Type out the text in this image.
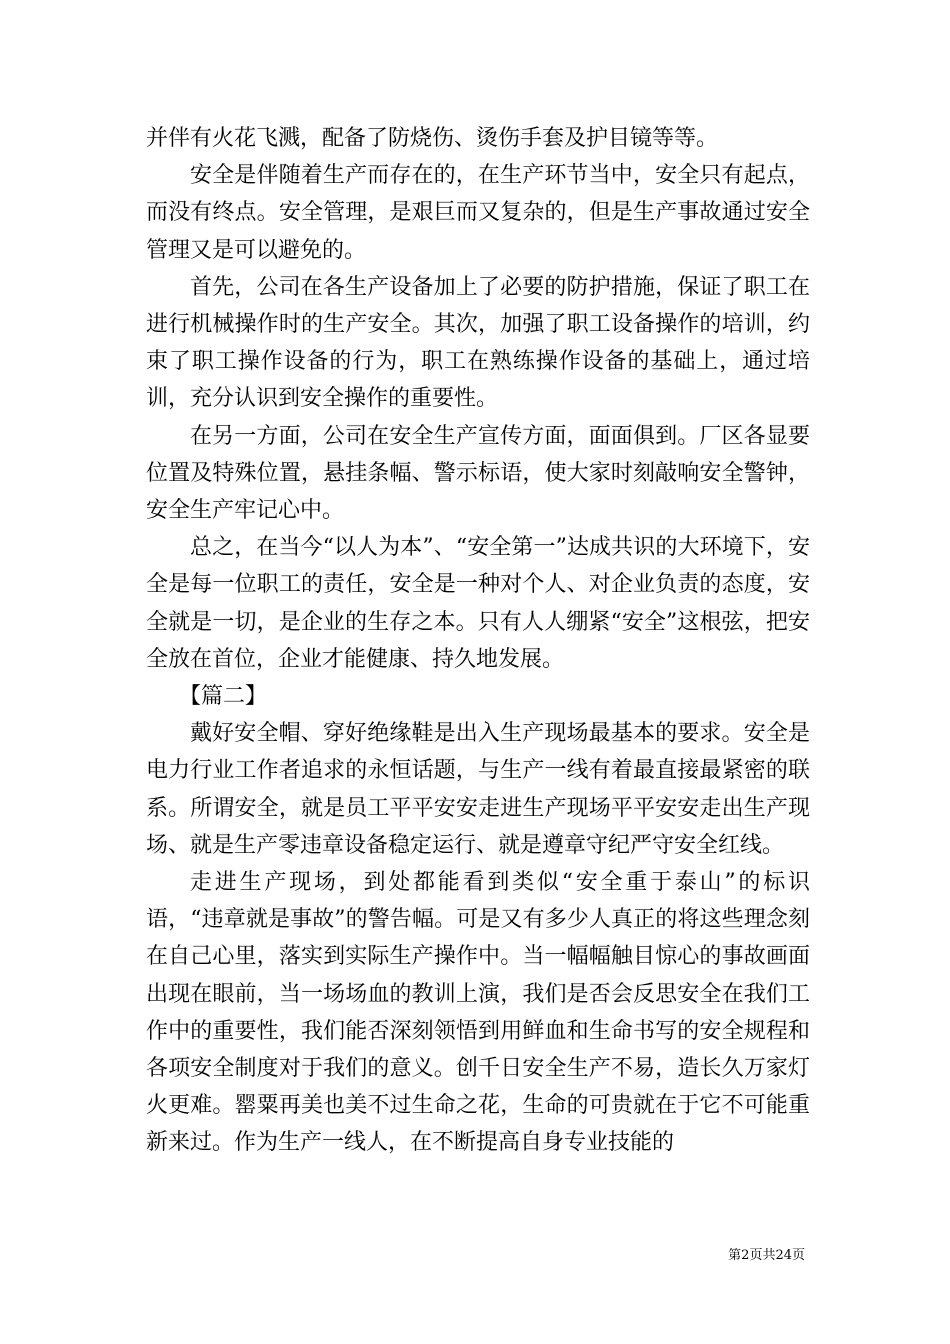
并伴有火花飞溅，配备了防烧伤、烫伤手套及护目镜等等。

安全是伴随着生产而存在的，在生产环节当中，安全只有起点，而没有终点。安全管理，是艰巨而又复杂的，但是生产事故通过安全管理又是可以避免的。

首先，公司在各生产设备加上了必要的防护措施，保证了职工在进行机械操作时的生产安全。其次，加强了职工设备操作的培训，约束了职工操作设备的行为，职工在熟练操作设备的基础上，通过培训，充分认识到安全操作的重要性。

在另一方面，公司在安全生产宣传方面，面面俱到。厂区各显要位置及特殊位置，悬挂条幅、警示标语，使大家时刻敲响安全警钟，安全生产牢记心中。

总之，在当今“以人为本”、“安全第一”达成共识的大环境下，安全是每一位职工的责任，安全是一种对个人、对企业负责的态度，安全就是一切，是企业的生存之本。只有人人绷紧“安全”这根弦，把安全放在首位，企业才能健康、持久地发展。

【篇二】

戴好安全帽、穿好绝缘鞋是出入生产现场最基本的要求。安全是电力行业工作者追求的永恒话题，与生产一线有着最直接最紧密的联系。所谓安全，就是员工平平安安走进生产现场平平安安走出生产现场、就是生产零违章设备稳定运行、就是遵章守纪严守安全红线。

走进生产现场，到处都能看到类似“安全重于泰山”的标识语，“违章就是事故”的警告幅。可是又有多少人真正的将这些理念刻在自己心里，落实到实际生产操作中。当一幅幅触目惊心的事故画面出现在眼前，当一场场血的教训上演，我们是否会反思安全在我们工作中的重要性，我们能否深刻领悟到用鲜血和生命书写的安全规程和各项安全制度对于我们的意义。创千日安全生产不易，造长久万家灯火更难。罂粟再美也美不过生命之花，生命的可贵就在于它不可能重新来过。作为生产一线人，在不断提高自身专业技能的

第2页共24页
